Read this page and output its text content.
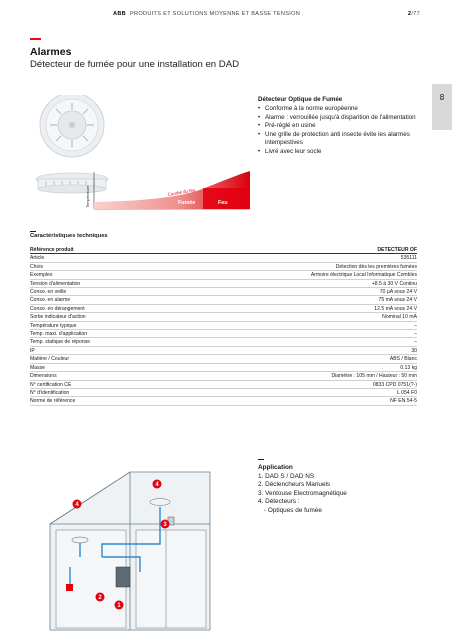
ABB PRODUITS ET SOLUTIONS MOYENNE ET BASSE TENSION	2/77
Alarmes
Détecteur de fumée pour une installation en DAD
03
Température	Courbe du feu
Fumée	Feu
Détecteur Optique de Fumée
• Conforme à la norme européenne
• Alarme : verrouillée jusqu'à disparition de l'alimentation
• Pré-réglé en usine
• Une grille de protection anti insecte évite les alarmes intempestives
• Livré avec leur socle
Caractéristiques techniques
Référence produit	DETECTEUR OF
Article	535111
Choix	Détection dès les premières fumées
Exemples	Armoire électrique Local Informatique Combles
Tension d'alimentation	+8.5 à 30 V Continu
Conso. en veille	70 µA sous 24 V
Conso. en alarme	75 mA sous 24 V
Conso. en dérangement	12.5 mA sous 24 V
Sortie indicateur d'action	Nominal 10 mA
Température typique	–
Temp. maxi. d'application	–
Temp. statique de réponse	–
IP	30
Matière / Couleur	ABS / Blanc
Masse	0.13 kg
Dimensions	Diamètre : 105 mm / Hauteur : 50 mm
N° certification CE	0833 CPD 0751(?-)
N° d'identification	L 054 F0
Norme de référence	NF EN 54-5
1
2
3
4
4
Application
1. DAD S / DAD NS
2. Déclencheurs Manuels
3. Ventouse Electromagnétique
4. Détecteurs :
- Optiques de fumée
